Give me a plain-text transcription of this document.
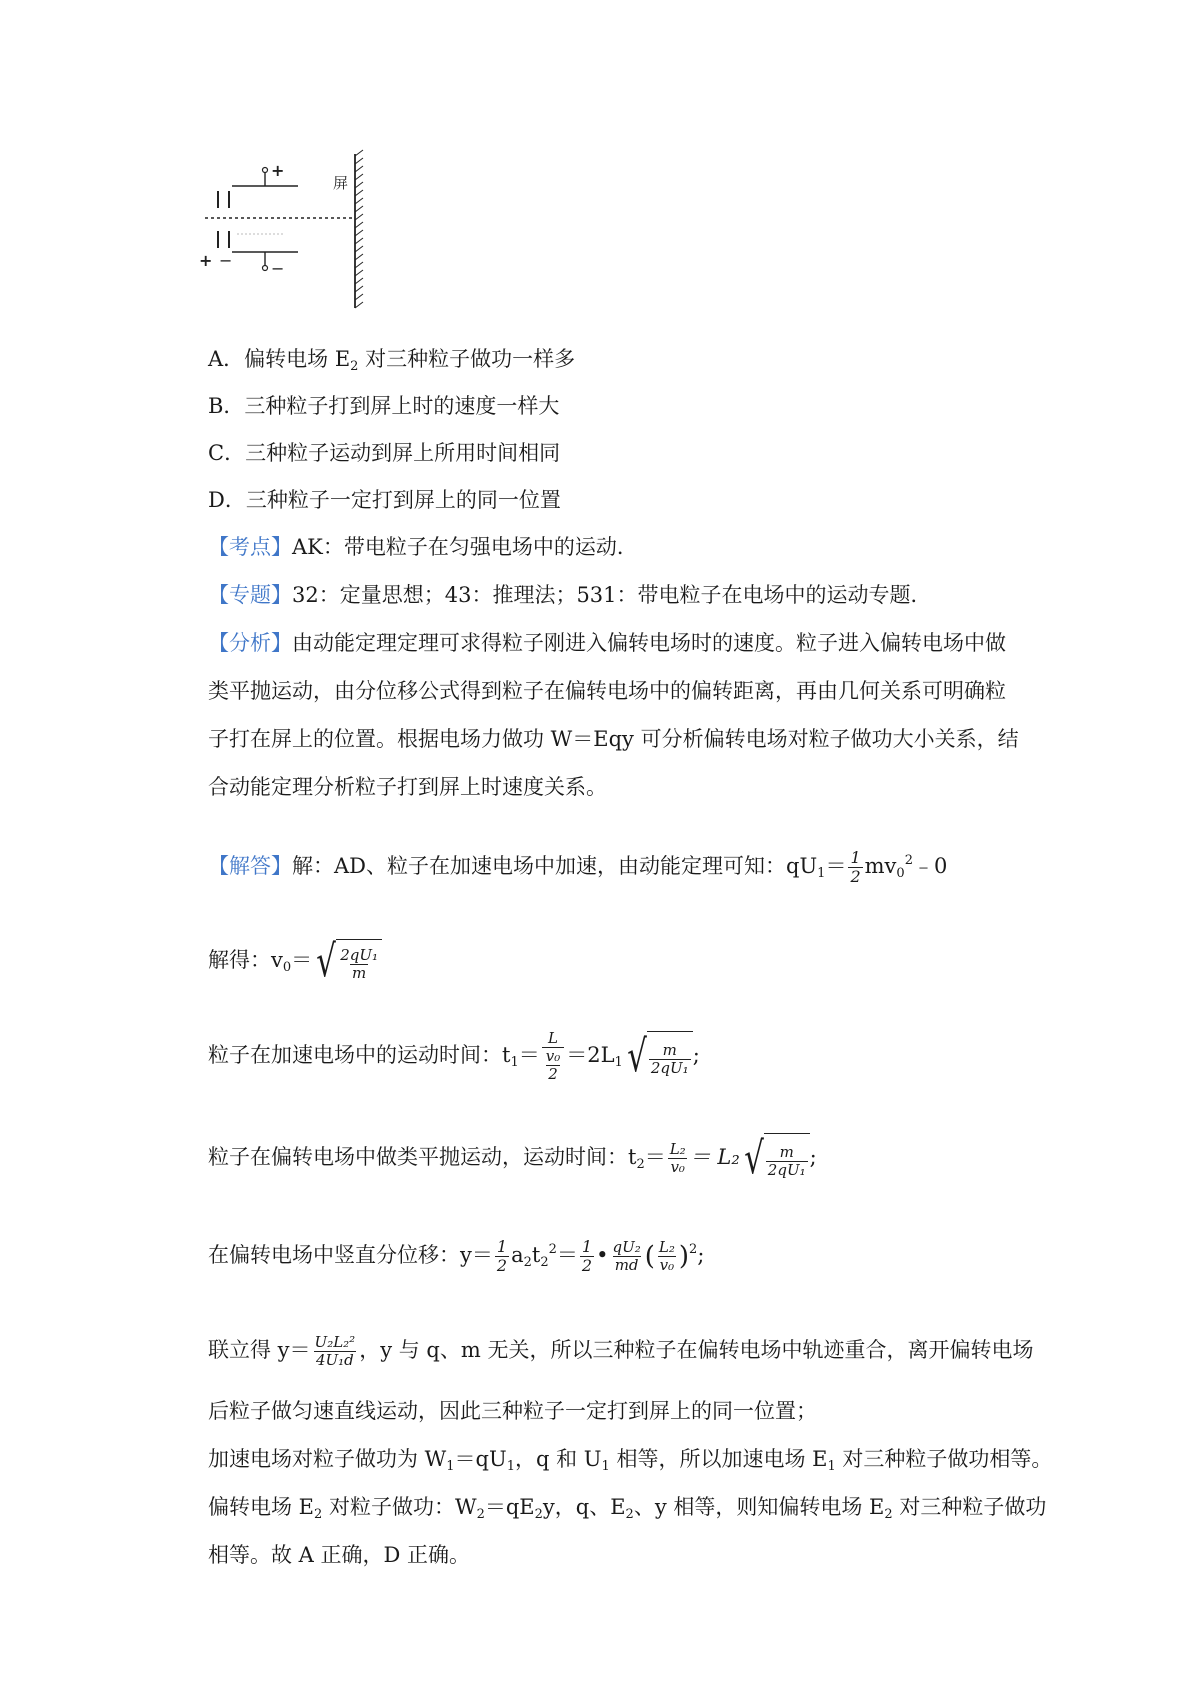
屏
+
−
+ −
A．偏转电场 $E_2$ 对三种粒子做功一样多
B．三种粒子打到屏上时的速度一样大
C．三种粒子运动到屏上所用时间相同
D．三种粒子一定打到屏上的同一位置
【考点】AK：带电粒子在匀强电场中的运动．
【专题】32：定量思想；43：推理法；531：带电粒子在电场中的运动专题．
【分析】由动能定理定理可求得粒子刚进入偏转电场时的速度。粒子进入偏转电场中做
类平抛运动，由分位移公式得到粒子在偏转电场中的偏转距离，再由几何关系可明确粒
子打在屏上的位置。根据电场力做功 W＝Eqy 可分析偏转电场对粒子做功大小关系，结
合动能定理分析粒子打到屏上时速度关系。
【解答】解：AD、粒子在加速电场中加速，由动能定理可知：$qU_1= \frac{1}{2}$ $mv_0^2﹣0$
解得：$v_0=$ √ $\frac{\text{2qU₁}}{m}$
粒子在加速电场中的运动时间：$t_1= \frac{L}{\frac{\text{v₀}}{2}} =2L_1$ √ $\frac{m}{\text{2qU₁}}$ ;
粒子在偏转电场中做类平抛运动，运动时间：$t_2= \frac{\text{L₂}}{\text{v₀}} = L_2$ √ $\frac{m}{\text{2qU₁}}$ ;
在偏转电场中竖直分位移：$y= \frac{1}{2} a_2t_2^2= \frac{1}{2}$ • $\frac{\text{qU₂}}{md}$ ( $\frac{\text{L₂}}{\text{v₀}} )^2$;
联立得 $y= \frac{\text{U₂L₂²}}{\text{4U₁d}}$ ，y 与 q、m 无关，所以三种粒子在偏转电场中轨迹重合，离开偏转电场
后粒子做匀速直线运动，因此三种粒子一定打到屏上的同一位置；
加速电场对粒子做功为 $W_1=qU_1$，q 和 $U_1$ 相等，所以加速电场 $E_1$ 对三种粒子做功相等。
偏转电场 $E_2$ 对粒子做功：$W_2=qE_2y$，q、$E_2$、y 相等，则知偏转电场 $E_2$ 对三种粒子做功
相等。故 A 正确，D 正确。
